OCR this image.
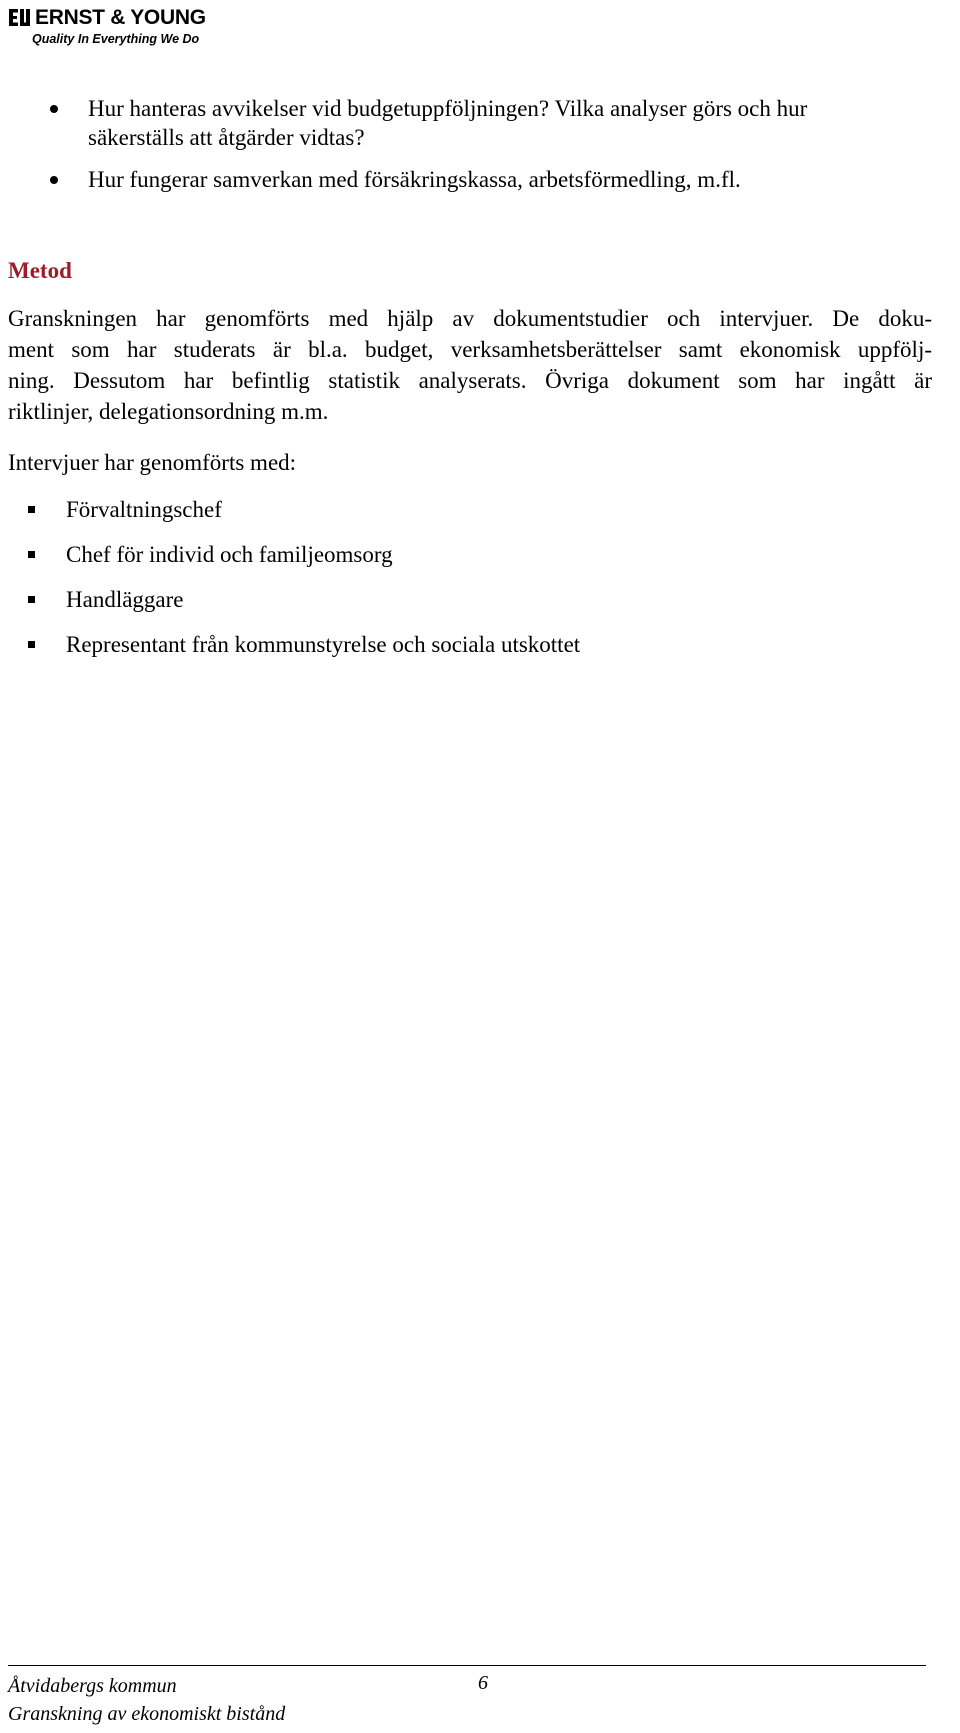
ERNST & YOUNG
Quality In Everything We Do
Hur hanteras avvikelser vid budgetuppföljningen? Vilka analyser görs och hur
säkerställs att åtgärder vidtas?
Hur fungerar samverkan med försäkringskassa, arbetsförmedling, m.fl.
Metod

Granskningen har genomförts med hjälp av dokumentstudier och intervjuer. De doku-
ment som har studerats är bl.a. budget, verksamhetsberättelser samt ekonomisk uppfölj-
ning. Dessutom har befintlig statistik analyserats. Övriga dokument som har ingått är
riktlinjer, delegationsordning m.m.

Intervjuer har genomförts med:
Förvaltningschef
Chef för individ och familjeomsorg
Handläggare
Representant från kommunstyrelse och sociala utskottet
Åtvidabergs kommun
Granskning av ekonomiskt bistånd
6
